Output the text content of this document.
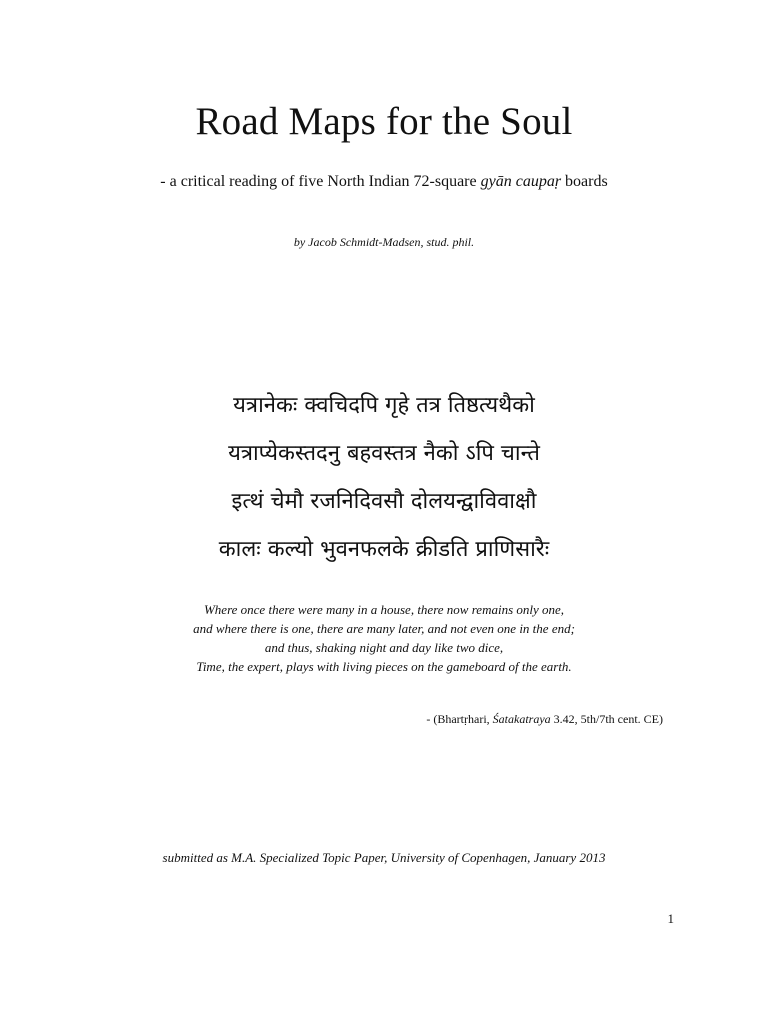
Road Maps for the Soul
- a critical reading of five North Indian 72-square gyān caupaṛ boards
by Jacob Schmidt-Madsen, stud. phil.
यत्रानेकः क्वचिदपि गृहे तत्र तिष्ठत्यथैको
यत्राप्येकस्तदनु बहवस्तत्र नैको ऽपि चान्ते
इत्थं चेमौ रजनिदिवसौ दोलयन्द्वाविवाक्षौ
कालः कल्यो भुवनफलके क्रीडति प्राणिसारैः
Where once there were many in a house, there now remains only one,
and where there is one, there are many later, and not even one in the end;
and thus, shaking night and day like two dice,
Time, the expert, plays with living pieces on the gameboard of the earth.
- (Bhartṛhari, Śatakatraya 3.42, 5th/7th cent. CE)
submitted as M.A. Specialized Topic Paper, University of Copenhagen, January 2013
1
